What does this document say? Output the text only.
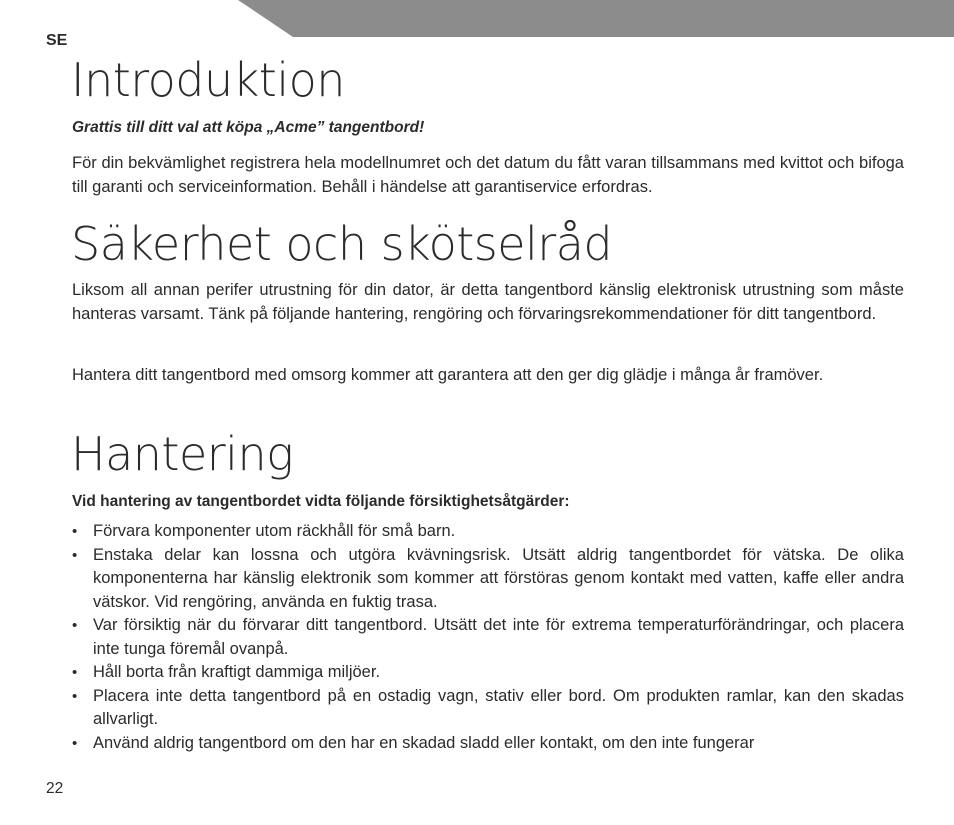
SE
Introduktion
Grattis till ditt val att köpa „Acme” tangentbord!

För din bekvämlighet registrera hela modellnumret och det datum du fått varan tillsammans med kvittot och bifoga till garanti och serviceinformation. Behåll i händelse att garantiservice erfordras.

Säkerhet och skötselråd

Liksom all annan perifer utrustning för din dator, är detta tangentbord känslig elektronisk utrustning som måste hanteras varsamt. Tänk på följande hantering, rengöring och förvaringsrekommendationer för ditt tangentbord.

Hantera ditt tangentbord med omsorg kommer att garantera att den ger dig glädje i många år framöver.

Hantering
Vid hantering av tangentbordet vidta följande försiktighetsåtgärder:
• Förvara komponenter utom räckhåll för små barn.
• Enstaka delar kan lossna och utgöra kvävningsrisk. Utsätt aldrig tangentbordet för vätska. De olika komponenterna har känslig elektronik som kommer att förstöras genom kontakt med vatten, kaffe eller andra vätskor. Vid rengöring, använda en fuktig trasa.
• Var försiktig när du förvarar ditt tangentbord. Utsätt det inte för extrema temperaturförändringar, och placera inte tunga föremål ovanpå.
• Håll borta från kraftigt dammiga miljöer.
• Placera inte detta tangentbord på en ostadig vagn, stativ eller bord. Om produkten ramlar, kan den skadas allvarligt.
• Använd aldrig tangentbord om den har en skadad sladd eller kontakt, om den inte fungerar
22
